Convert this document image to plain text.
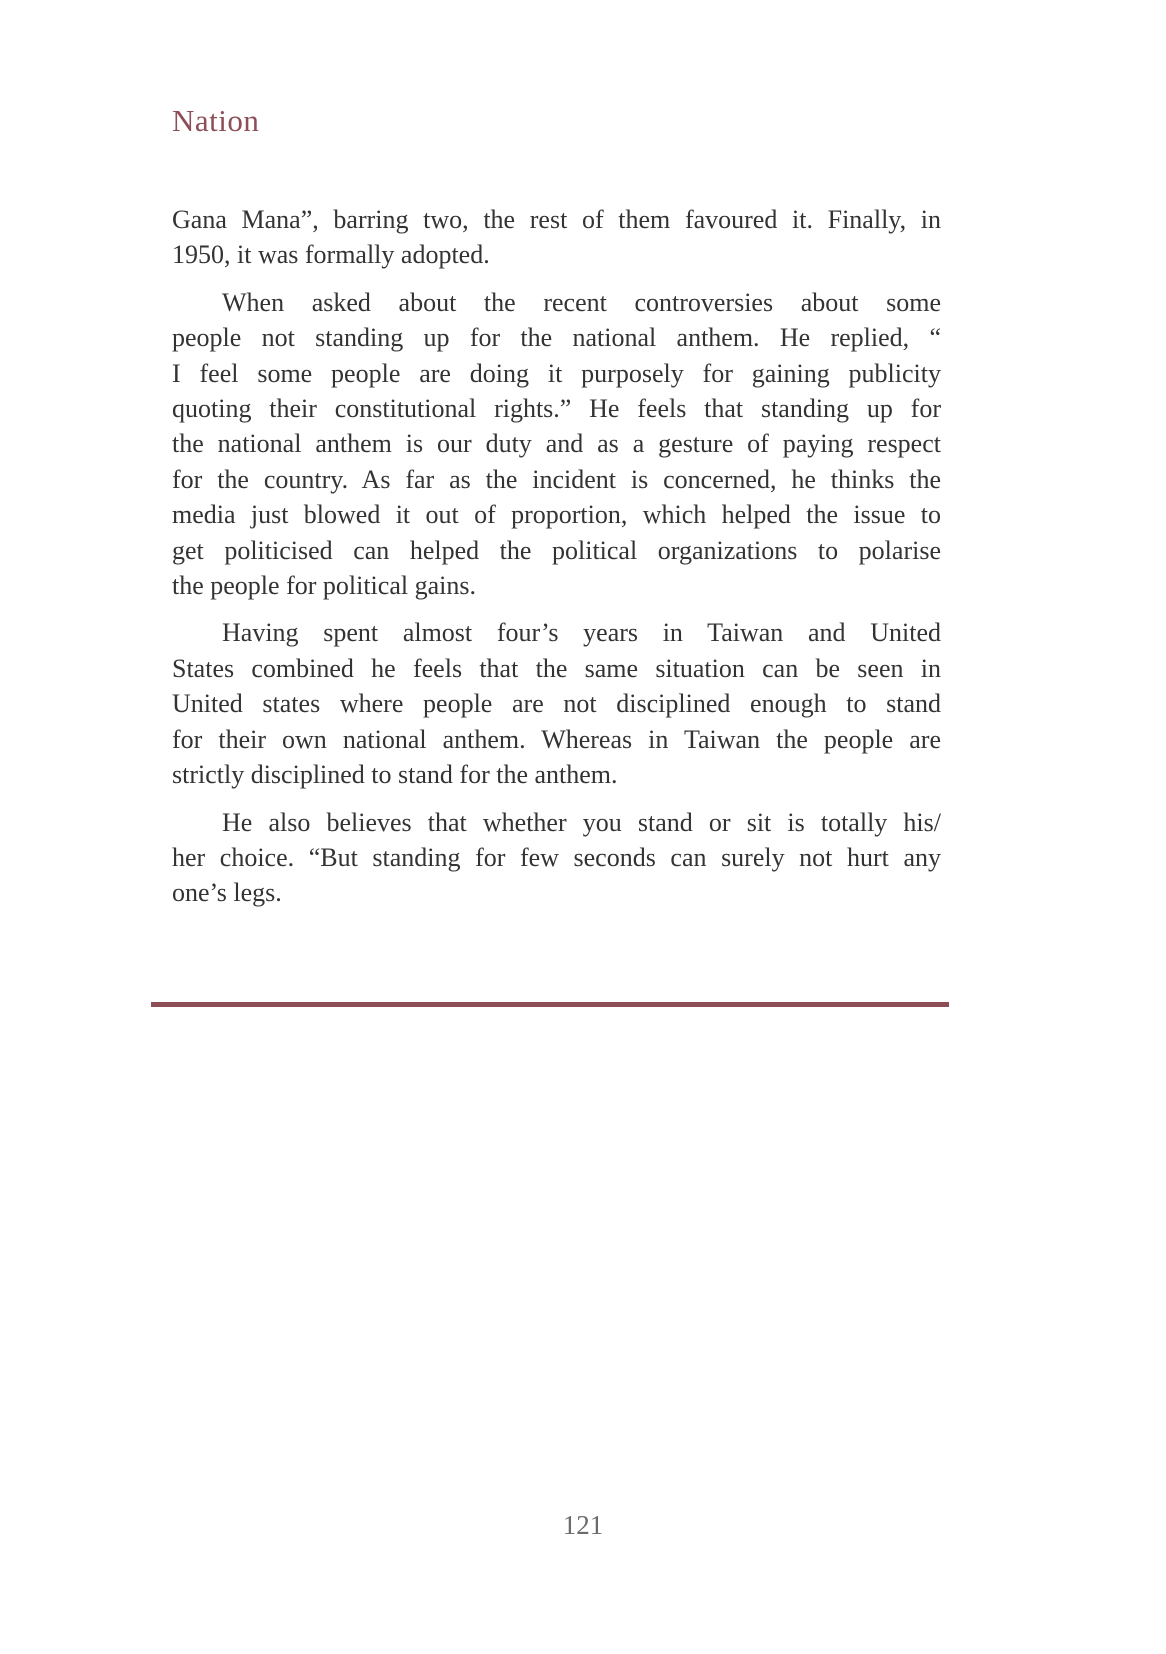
Nation
Gana Mana”, barring two, the rest of them favoured it. Finally, in
1950, it was formally adopted.
When asked about the recent controversies about some
people not standing up for the national anthem. He replied, “
I feel some people are doing it purposely for gaining publicity
quoting their constitutional rights.” He feels that standing up for
the national anthem is our duty and as a gesture of paying respect
for the country. As far as the incident is concerned, he thinks the
media just blowed it out of proportion, which helped the issue to
get politicised can helped the political organizations to polarise
the people for political gains.
Having spent almost four’s years in Taiwan and United
States combined he feels that the same situation can be seen in
United states where people are not disciplined enough to stand
for their own national anthem. Whereas in Taiwan the people are
strictly disciplined to stand for the anthem.
He also believes that whether you stand or sit is totally his/
her choice. “But standing for few seconds can surely not hurt any
one’s legs.
121
